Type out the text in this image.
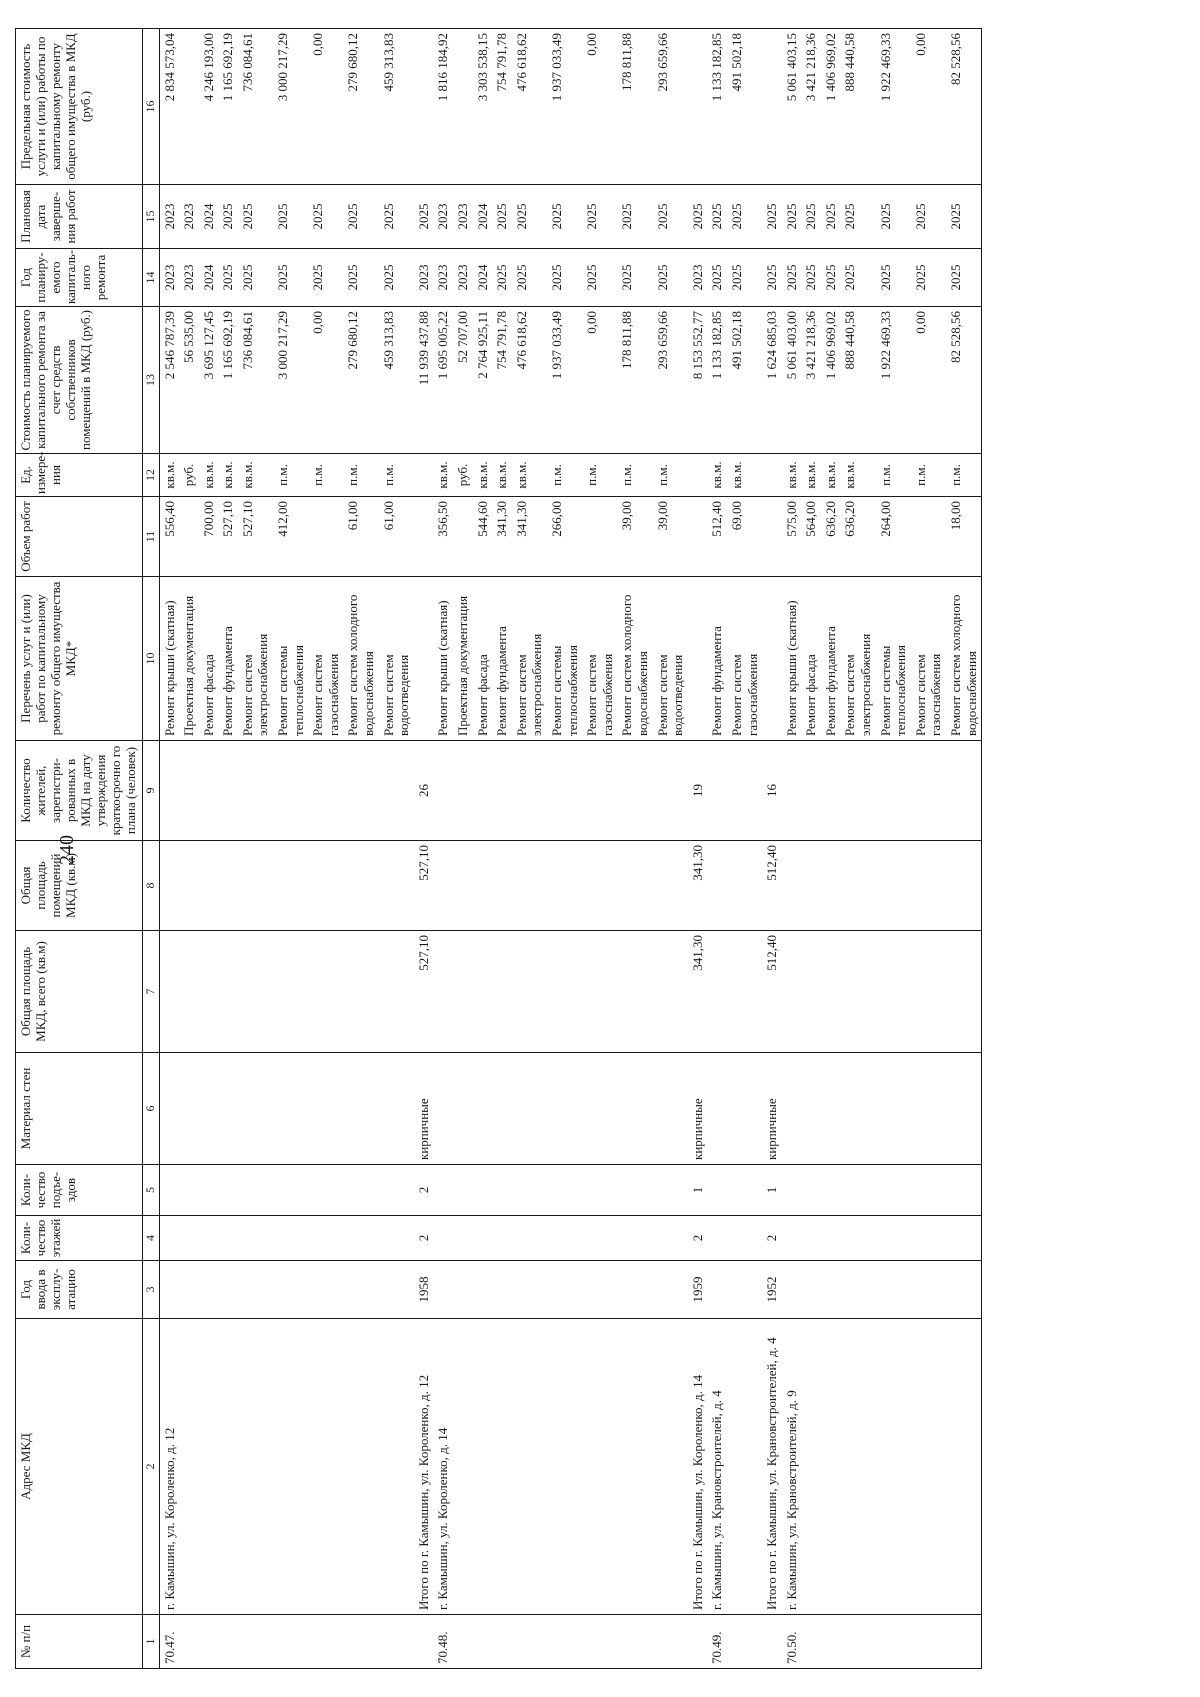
240
№ п/п	Адрес МКД	Год ввода в эксплу-атацию	Коли-чество этажей	Коли-чество подъе-здов	Материал стен	Общая площадь МКД, всего (кв.м)	Общая площадь помещений МКД (кв.м)	Количество жителей, зарегистри-рованных в МКД на дату утверждения краткосрочно го плана (человек)	Перечень услуг и (или) работ по капитальному ремонту общего имущества МКД*	Объем работ	Ед. измере-ния	Стоимость планируемого капитального ремонта за счет средств собственников помещений в МКД (руб.)	Год планиру-емого капиталь-ного ремонта	Плановая дата заверше-ния работ	Предельная стоимость услуги и (или) работы по капитальному ремонту общего имущества в МКД (руб.)
1	2	3	4	5	6	7	8	9	10	11	12	13	14	15	16
70.47.	г. Камышин, ул. Короленко, д. 12								Ремонт крыши (скатная)	556,40	кв.м.	2 546 787,39	2023	2023	2 834 573,04
									Проектная документация		руб.	56 535,00	2023	2023	
									Ремонт фасада	700,00	кв.м.	3 695 127,45	2024	2024	4 246 193,00
									Ремонт фундамента	527,10	кв.м.	1 165 692,19	2025	2025	1 165 692,19
									Ремонт систем электроснабжения	527,10	кв.м.	736 084,61	2025	2025	736 084,61
									Ремонт системы теплоснабжения	412,00	п.м.	3 000 217,29	2025	2025	3 000 217,29
									Ремонт систем газоснабжения		п.м.	0,00	2025	2025	0,00
									Ремонт систем холодного водоснабжения	61,00	п.м.	279 680,12	2025	2025	279 680,12
									Ремонт систем водоотведения	61,00	п.м.	459 313,83	2025	2025	459 313,83
	Итого по г. Камышин, ул. Короленко, д. 12	1958	2	2	кирпичные	527,10	527,10	26				11 939 437,88	2023	2025	
70.48.	г. Камышин, ул. Короленко, д. 14								Ремонт крыши (скатная)	356,50	кв.м.	1 695 005,22	2023	2023	1 816 184,92
									Проектная документация		руб.	52 707,00	2023	2023	
									Ремонт фасада	544,60	кв.м.	2 764 925,11	2024	2024	3 303 538,15
									Ремонт фундамента	341,30	кв.м.	754 791,78	2025	2025	754 791,78
									Ремонт систем электроснабжения	341,30	кв.м.	476 618,62	2025	2025	476 618,62
									Ремонт системы теплоснабжения	266,00	п.м.	1 937 033,49	2025	2025	1 937 033,49
									Ремонт систем газоснабжения		п.м.	0,00	2025	2025	0,00
									Ремонт систем холодного водоснабжения	39,00	п.м.	178 811,88	2025	2025	178 811,88
									Ремонт систем водоотведения	39,00	п.м.	293 659,66	2025	2025	293 659,66
	Итого по г. Камышин, ул. Короленко, д. 14	1959	2	1	кирпичные	341,30	341,30	19				8 153 552,77	2023	2025	
70.49.	г. Камышин, ул. Крановстроителей, д. 4								Ремонт фундамента	512,40	кв.м.	1 133 182,85	2025	2025	1 133 182,85
									Ремонт систем газоснабжения	69,00	кв.м.	491 502,18	2025	2025	491 502,18
	Итого по г. Камышин, ул. Крановстроителей, д. 4	1952	2	1	кирпичные	512,40	512,40	16				1 624 685,03	2025	2025	
70.50.	г. Камышин, ул. Крановстроителей, д. 9								Ремонт крыши (скатная)	575,00	кв.м.	5 061 403,00	2025	2025	5 061 403,15
									Ремонт фасада	564,00	кв.м.	3 421 218,36	2025	2025	3 421 218,36
									Ремонт фундамента	636,20	кв.м.	1 406 969,02	2025	2025	1 406 969,02
									Ремонт систем электроснабжения	636,20	кв.м.	888 440,58	2025	2025	888 440,58
									Ремонт системы теплоснабжения	264,00	п.м.	1 922 469,33	2025	2025	1 922 469,33
									Ремонт систем газоснабжения		п.м.	0,00	2025	2025	0,00
									Ремонт систем холодного водоснабжения	18,00	п.м.	82 528,56	2025	2025	82 528,56
